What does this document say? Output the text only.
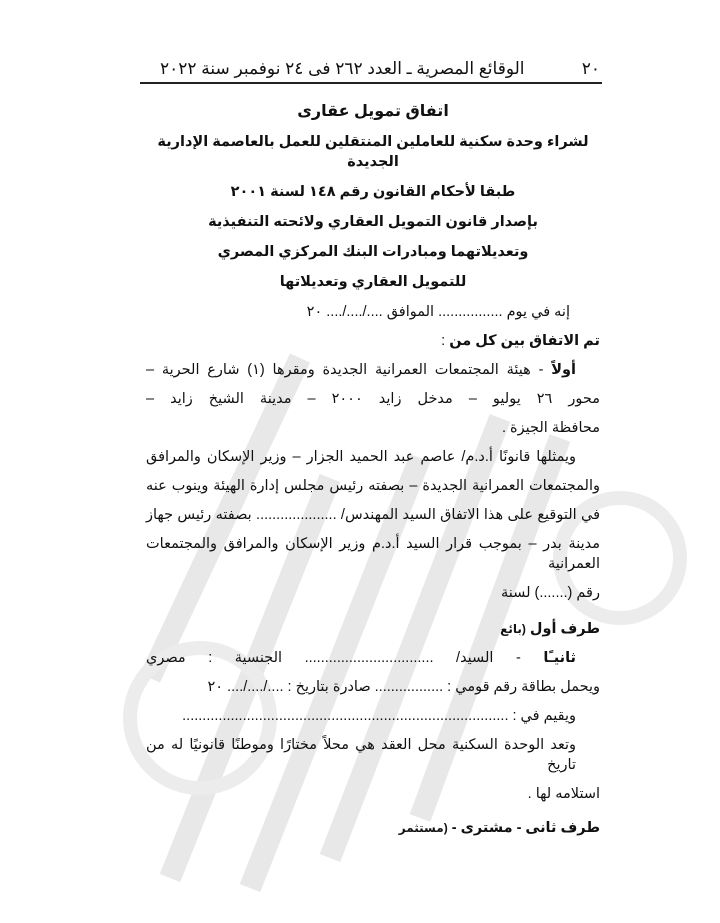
٢٠
الوقائع المصرية ـ العدد ٢٦٢ فى ٢٤ نوفمبر سنة ٢٠٢٢
اتفاق تمويل عقارى
لشراء وحدة سكنية للعاملين المنتقلين للعمل بالعاصمة الإدارية الجديدة
طبقا لأحكام القانون رقم ١٤٨ لسنة ٢٠٠١
بإصدار قانون التمويل العقاري ولائحته التنفيذية
وتعديلاتهما ومبادرات البنك المركزي المصري
للتمويل العقاري وتعديلاتها
إنه في يوم ................ الموافق ..../..../.... ٢٠
تم الاتفاق بين كل من :
أولاً - هيئة المجتمعات العمرانية الجديدة ومقرها (١) شارع الحرية –
محور ٢٦ يوليو – مدخل زايد ٢٠٠٠ – مدينة الشيخ زايد –
محافظة الجيزة .
ويمثلها قانونًا أ.د.م/ عاصم عبد الحميد الجزار – وزير الإسكان والمرافق
والمجتمعات العمرانية الجديدة – بصفته رئيس مجلس إدارة الهيئة وينوب عنه
في التوقيع على هذا الاتفاق السيد المهندس/ .................... بصفته رئيس جهاز
مدينة بدر – بموجب قرار السيد أ.د.م وزير الإسكان والمرافق والمجتمعات العمرانية
رقم (.......) لسنة
طرف أول (بائع
ثانيـًا - السيد/ ................................ الجنسية : مصري
ويحمل بطاقة رقم قومي : ................. صادرة بتاريخ : ..../..../.... ٢٠
ويقيم في : .................................................................................
وتعد الوحدة السكنية محل العقد هي محلاً مختارًا وموطنًا قانونيًا له من تاريخ
استلامه لها .
طرف ثانى - مشترى - (مستثمر
